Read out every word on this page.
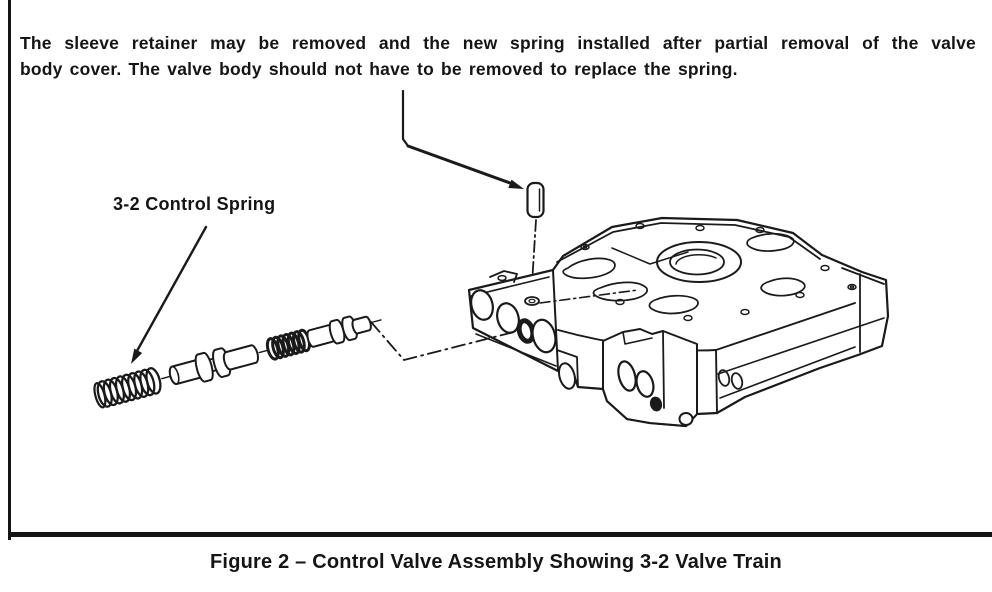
The sleeve retainer may be removed and the new spring installed after partial removal of the valve
body cover. The valve body should not have to be removed to replace the spring.
3-2 Control Spring
Figure 2 – Control Valve Assembly Showing 3-2 Valve Train
